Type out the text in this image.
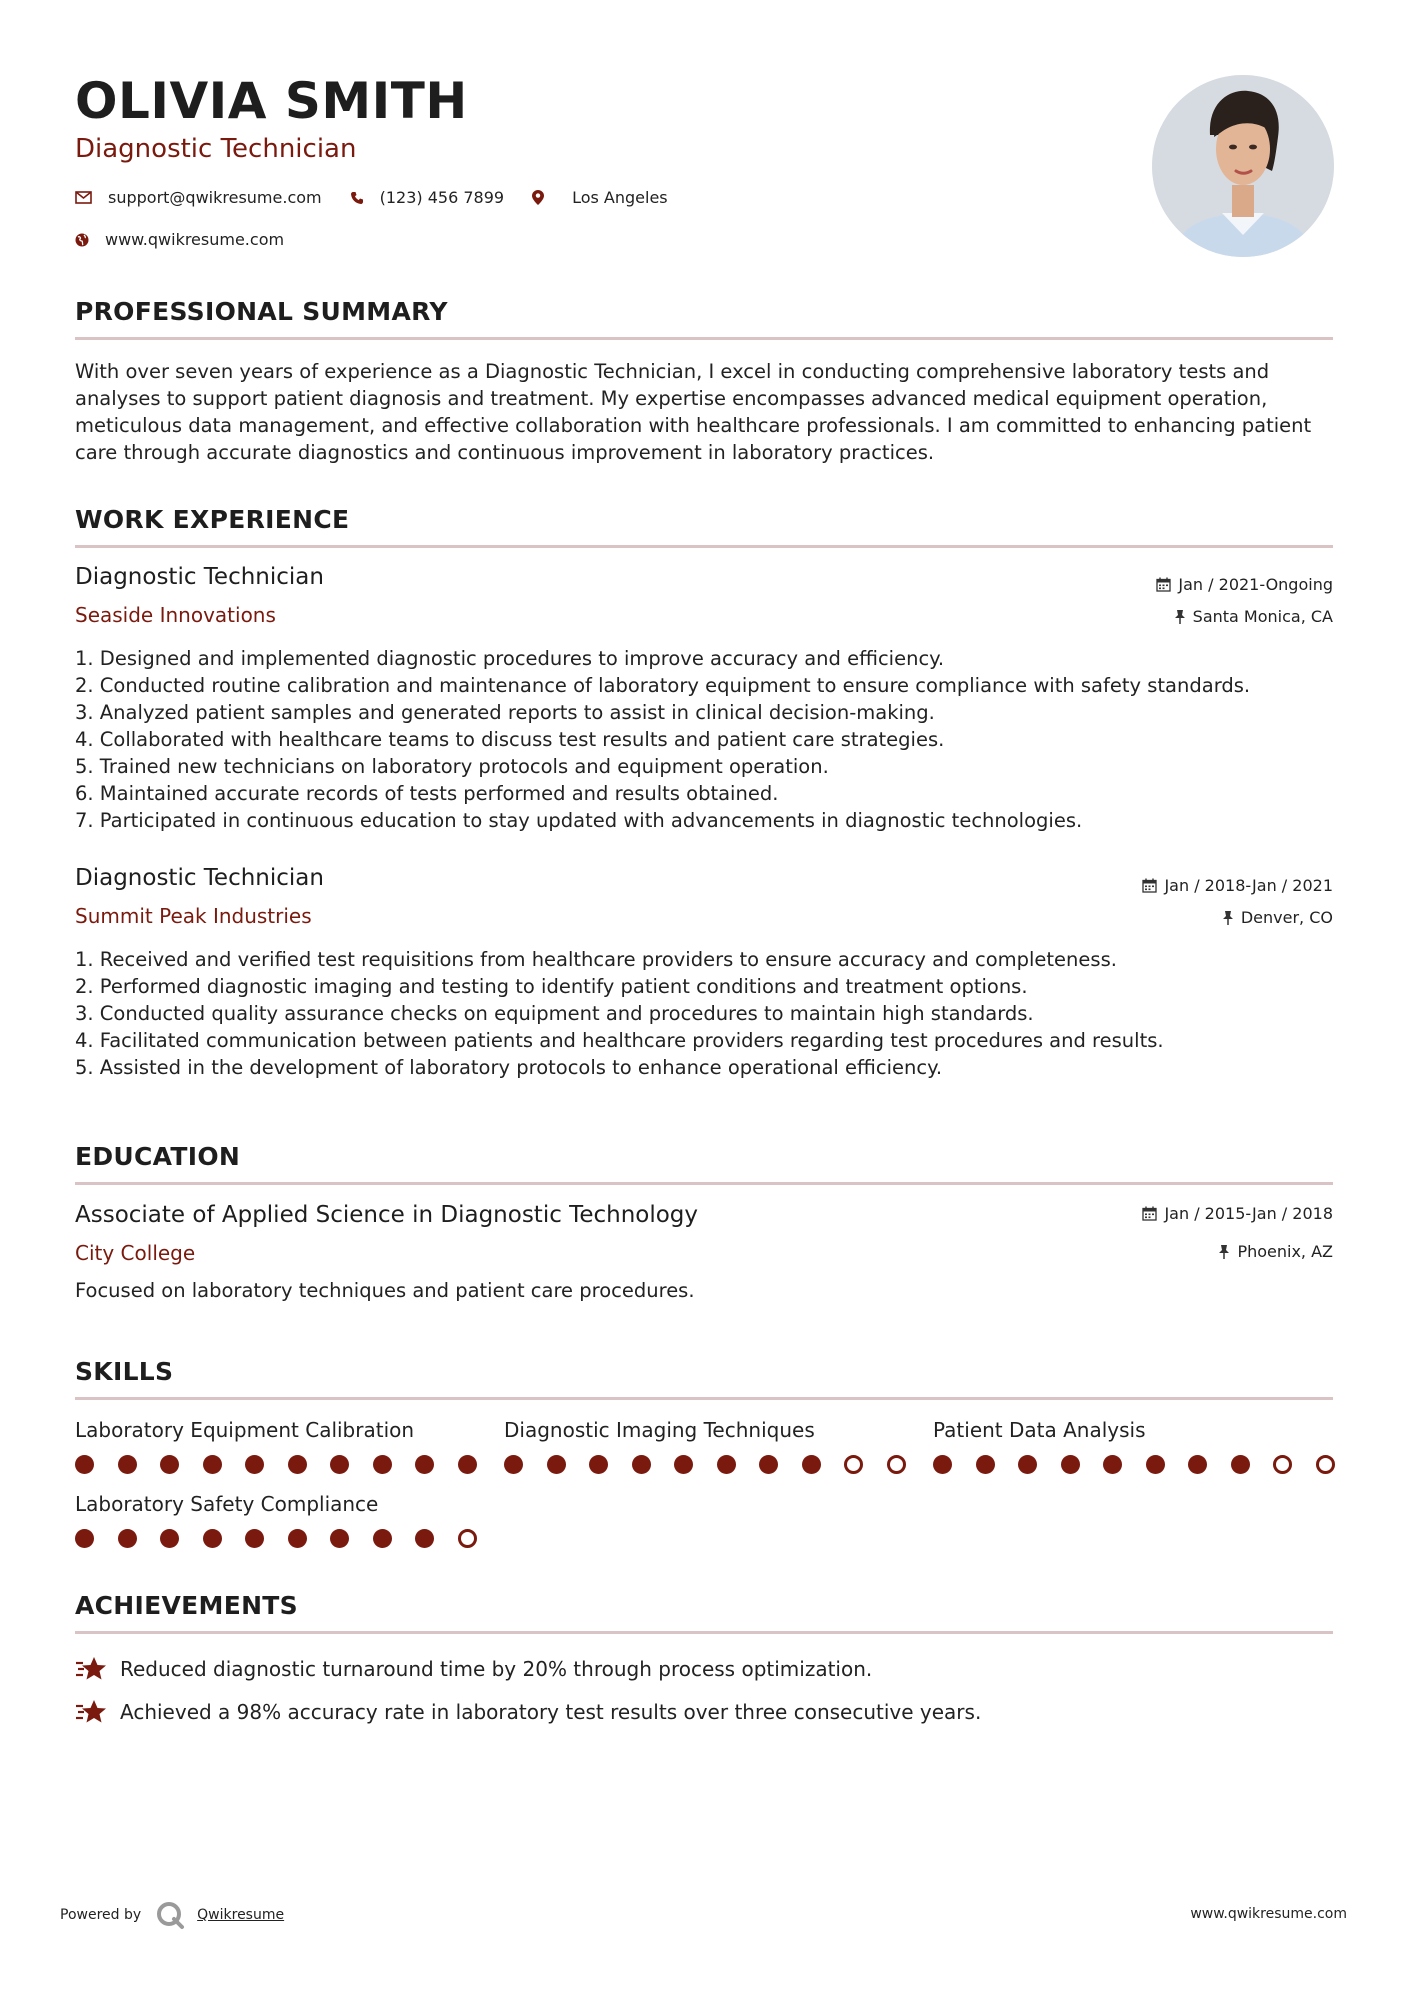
OLIVIA SMITH
Diagnostic Technician
support@qwikresume.com	(123) 456 7899	Los Angeles
www.qwikresume.com
PROFESSIONAL SUMMARY
With over seven years of experience as a Diagnostic Technician, I excel in conducting comprehensive laboratory tests and analyses to support patient diagnosis and treatment. My expertise encompasses advanced medical equipment operation, meticulous data management, and effective collaboration with healthcare professionals. I am committed to enhancing patient care through accurate diagnostics and continuous improvement in laboratory practices.
WORK EXPERIENCE
Diagnostic Technician	Jan / 2021-Ongoing
Seaside Innovations	Santa Monica, CA
1. Designed and implemented diagnostic procedures to improve accuracy and efficiency.
2. Conducted routine calibration and maintenance of laboratory equipment to ensure compliance with safety standards.
3. Analyzed patient samples and generated reports to assist in clinical decision-making.
4. Collaborated with healthcare teams to discuss test results and patient care strategies.
5. Trained new technicians on laboratory protocols and equipment operation.
6. Maintained accurate records of tests performed and results obtained.
7. Participated in continuous education to stay updated with advancements in diagnostic technologies.
Diagnostic Technician	Jan / 2018-Jan / 2021
Summit Peak Industries	Denver, CO
1. Received and verified test requisitions from healthcare providers to ensure accuracy and completeness.
2. Performed diagnostic imaging and testing to identify patient conditions and treatment options.
3. Conducted quality assurance checks on equipment and procedures to maintain high standards.
4. Facilitated communication between patients and healthcare providers regarding test procedures and results.
5. Assisted in the development of laboratory protocols to enhance operational efficiency.
EDUCATION
Associate of Applied Science in Diagnostic Technology	Jan / 2015-Jan / 2018
City College	Phoenix, AZ
Focused on laboratory techniques and patient care procedures.
SKILLS
Laboratory Equipment Calibration	Diagnostic Imaging Techniques	Patient Data Analysis
Laboratory Safety Compliance
ACHIEVEMENTS
Reduced diagnostic turnaround time by 20% through process optimization.
Achieved a 98% accuracy rate in laboratory test results over three consecutive years.
Powered by	Qwikresume	www.qwikresume.com
